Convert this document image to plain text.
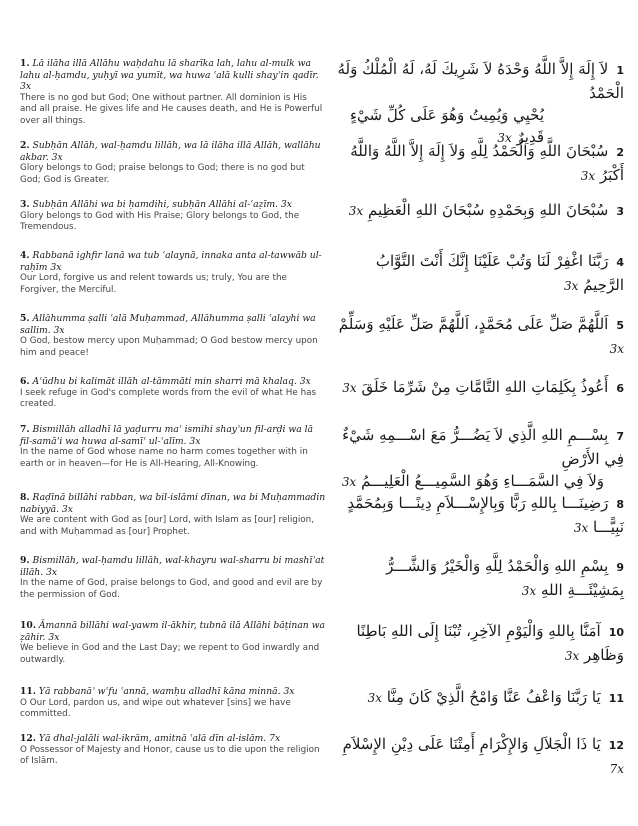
1. Lā ilāha illā Allāhu waḥdahu lā sharīka lah, lahu al-mulk wa lahu al-ḥamdu, yuḥyī wa yumīt, wa huwa ʿalā kulli shayʾin qadīr. 3x
There is no god but God; One without partner. All dominion is His and all praise. He gives life and He causes death, and He is Powerful over all things.
1لاَ إِلَهَ إِلاَّ اللَّهُ وَحْدَهُ لاَ شَرِيكَ لَهُ، لَهُ الْمُلْكُ وَلَهُ الْحَمْدُ
يُحْيِي وَيُمِيتُ وَهُوَ عَلَى كُلِّ شَيْءٍ قَدِيرٌ 3x
2. Subḥān Allāh, wal-ḥamdu lillāh, wa lā ilāha illā Allāh, wallāhu akbar. 3x
Glory belongs to God; praise belongs to God; there is no god but God; God is Greater.
2سُبْحَانَ اللَّهِ وَالْحَمْدُ لِلَّهِ وَلاَ إِلَهَ إِلاَّ اللَّهُ وَاللَّهُ أَكْبَرُ 3x
3. Subḥān Allāhi wa bi ḥamdihi, subḥān Allāhi al-ʿaẓīm. 3x
Glory belongs to God with His Praise; Glory belongs to God, the Tremendous.
3سُبْحَانَ اللهِ وَبِحَمْدِهِ سُبْحَانَ اللهِ الْعَظِيمِ 3x
4. Rabbanā ighfir lanā wa tub ʿalaynā, innaka anta al-tawwāb ul-raḥīm 3x
Our Lord, forgive us and relent towards us; truly, You are the Forgiver, the Merciful.
4رَبَّنَا اغْفِرْ لَنَا وَتُبْ عَلَيْنَا إِنَّكَ أَنْتَ التَّوَّابُ الرَّحِيمُ 3x
5. Allāhumma ṣalli ʿalā Muḥammad, Allāhumma ṣalli ʿalayhi wa sallim. 3x
O God, bestow mercy upon Muḥammad; O God bestow mercy upon him and peace!
5اَللَّهُمَّ صَلِّ عَلَى مُحَمَّدٍ، اَللَّهُمَّ صَلِّ عَلَيْهِ وَسَلِّمْ 3x
6. Aʿūdhu bi kalimāt illāh al-tāmmāti min sharri mā khalaq. 3x
I seek refuge in God's complete words from the evil of what He has created.
6أَعُوذُ بِكَلِمَاتِ اللهِ التَّامَّاتِ مِنْ شَرِّمَا خَلَقَ 3x
7. Bismillāh alladhī lā yaḍurru maʿ ismihi shayʾun fil-arḍi wa lā fil-samāʾi wa huwa al-samīʿ ul-ʿalīm. 3x
In the name of God whose name no harm comes together with in earth or in heaven—for He is All-Hearing, All-Knowing.
7بِسْـــمِ اللهِ الَّذِي لاَ يَضُـــرُّ مَعَ اسْـــمِهِ شَيْءٌ فِي الأَرْضِ
وَلاَ فِي السَّمَـــاءِ وَهُوَ السَّمِيـــعُ الْعَلِيـــمُ 3x
8. Raḍīnā billāhi rabban, wa bil-islāmi dīnan, wa bi Muḥammadin nabiyyā. 3x
We are content with God as [our] Lord, with Islam as [our] religion, and with Muḥammad as [our] Prophet.
8رَضِينَـــا بِاللهِ رَبًّا وَبِالإِسْـــلاَمِ دِينًـــا وَبِمُحَمَّدٍ نَبِيًّـــا 3x
9. Bismillāh, wal-ḥamdu lillāh, wal-khayru wal-sharru bi mashīʾat illāh. 3x
In the name of God, praise belongs to God, and good and evil are by the permission of God.
9بِسْمِ اللهِ وَالْحَمْدُ لِلَّهِ وَالْخَيْرُ وَالشَّـــرُّ بِمَشِيْئَـــةِ اللهِ 3x
10. Āmannā billāhi wal-yawm il-ākhir, tubnā ilā Allāhi bāṭinan wa ẓāhir. 3x
We believe in God and the Last Day; we repent to God inwardly and outwardly.
10آمَنَّا بِاللهِ وَالْيَوْمِ الآخِرِ، تُبْنَا إِلَى اللهِ بَاطِنًا وَظَاهِر 3x
11. Yā rabbanāʾ wʿfu ʿannā, wamḥu alladhī kāna minnā. 3x
O Our Lord, pardon us, and wipe out whatever [sins] we have committed.
11يَا رَبَّنَا وَاعْفُ عَنَّا وَامْحُ الَّذِيْ كَانَ مِنَّا 3x
12. Yā dhal-jalāli wal-ikrām, amitnā ʿalā dīn al-islām. 7x
O Possessor of Majesty and Honor, cause us to die upon the religion of Islām.
12يَا ذَا الْجَلاَلِ وَالإِكْرَامِ أَمِتْنَا عَلَى دِيْنِ الإِسْلاَمِ 7x
